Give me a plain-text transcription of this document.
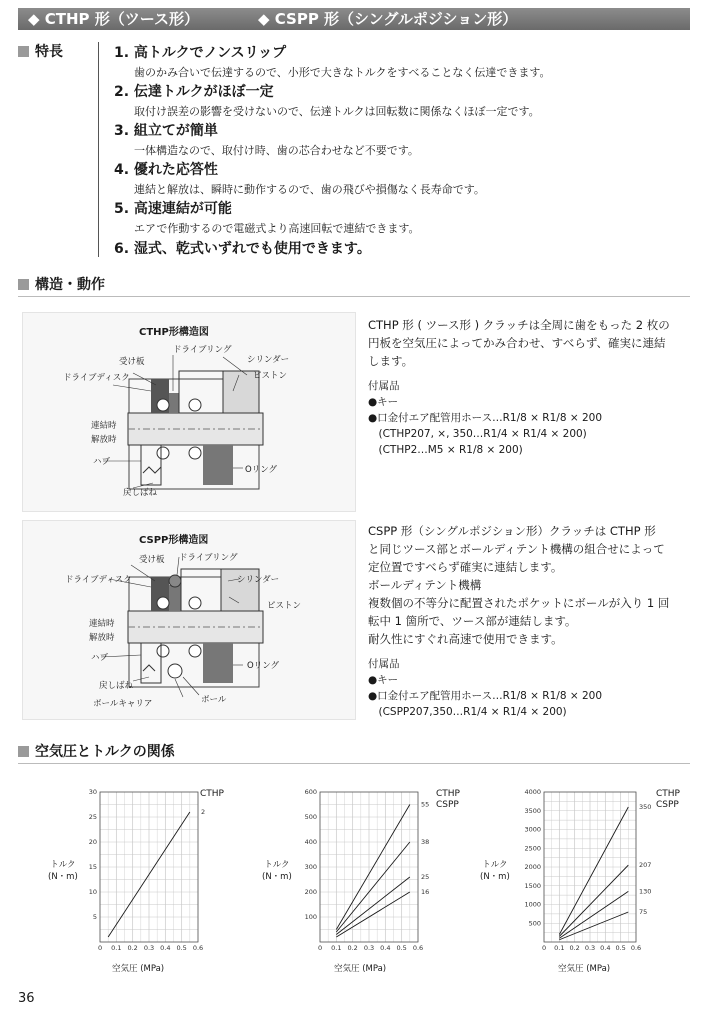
◆ CTHP 形（ツース形）	◆ CSPP 形（シングルポジション形）
特長	1. 高トルクでノンスリップ
歯のかみ合いで伝達するので、小形で大きなトルクをすべることなく伝達できます。
2. 伝達トルクがほぼ一定
取付け誤差の影響を受けないので、伝達トルクは回転数に関係なくほぼ一定です。
3. 組立てが簡単
一体構造なので、取付け時、歯の芯合わせなど不要です。
4. 優れた応答性
連結と解放は、瞬時に動作するので、歯の飛びや損傷なく長寿命です。
5. 高速連結が可能
エアで作動するので電磁式より高速回転で連結できます。
6. 湿式、乾式いずれでも使用できます。
構造・動作
CTHP形構造図
ドライブリング
受け板	シリンダー
ドライブディスク	ピストン
連結時
解放時
ハブ
Oリング
戻しばね
CTHP 形 ( ツース形 ) クラッチは全周に歯をもった 2 枚の
円板を空気圧によってかみ合わせ、すべらず、確実に連結
します。
付属品
●キー
●口金付エア配管用ホース…R1/8 × R1/8 × 200
　(CTHP207, ×, 350…R1/4 × R1/4 × 200)
　(CTHP2…M5 × R1/8 × 200)
CSPP形構造図
受け板 ドライブリング
ドライブディスク	シリンダー
ピストン
連結時
解放時
ハブ
Oリング
戻しばね
ボールキャリア	ボール
CSPP 形（シングルポジション形）クラッチは CTHP 形
と同じツース部とボールディテント機構の組合せによって
定位置ですべらず確実に連結します。
ボールディテント機構
複数個の不等分に配置されたポケットにボールが入り 1 回
転中 1 箇所で、ツース部が連結します。
耐久性にすぐれ高速で使用できます。
付属品
●キー
●口金付エア配管用ホース…R1/8 × R1/8 × 200
　(CSPP207,350…R1/4 × R1/4 × 200)
空気圧とトルクの関係
5
10
15
20
25
30
0 0.1 0.2 0.3 0.4 0.5 0.6
2
トルク
(N・m)
空気圧 (MPa)
CTHP
100
200
300
400
500
600
0 0.1 0.2 0.3 0.4 0.5 0.6
55
38
25
16
トルク
(N・m)
空気圧 (MPa)
CTHP
CSPP
500
1000
1500
2000
2500
3000
3500
4000
0 0.1 0.2 0.3 0.4 0.5 0.6
350
207
130
75
トルク
(N・m)
空気圧 (MPa)
CTHP
CSPP
36
